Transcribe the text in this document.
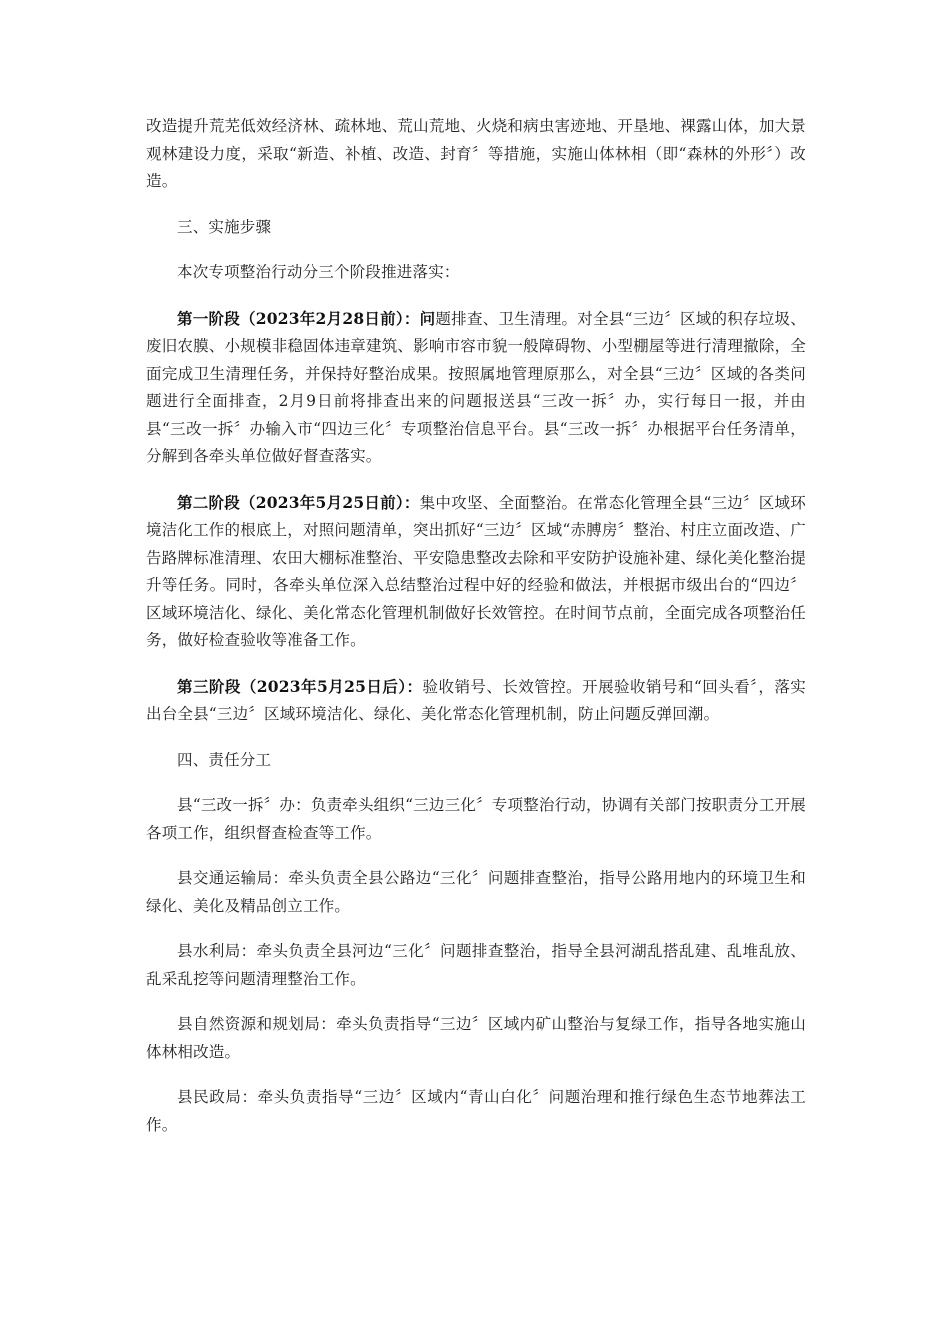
改造提升荒芜低效经济林、疏林地、荒山荒地、火烧和病虫害迹地、开垦地、裸露山体，加大景观林建设力度，采取“新造、补植、改造、封育〞等措施，实施山体林相（即“森林的外形〞）改造。

三、实施步骤

本次专项整治行动分三个阶段推进落实：

第一阶段（2023年2月28日前）：问题排查、卫生清理。对全县“三边〞区域的积存垃圾、废旧农膜、小规模非稳固体违章建筑、影响市容市貌一般障碍物、小型棚屋等进行清理撤除，全面完成卫生清理任务，并保持好整治成果。按照属地管理原那么，对全县“三边〞区域的各类问题进行全面排查，2月9日前将排查出来的问题报送县“三改一拆〞办，实行每日一报，并由县“三改一拆〞办输入市“四边三化〞专项整治信息平台。县“三改一拆〞办根据平台任务清单，分解到各牵头单位做好督查落实。

第二阶段（2023年5月25日前）：集中攻坚、全面整治。在常态化管理全县“三边〞区域环境洁化工作的根底上，对照问题清单，突出抓好“三边〞区域“赤膊房〞整治、村庄立面改造、广告路牌标准清理、农田大棚标准整治、平安隐患整改去除和平安防护设施补建、绿化美化整治提升等任务。同时，各牵头单位深入总结整治过程中好的经验和做法，并根据市级出台的“四边〞区域环境洁化、绿化、美化常态化管理机制做好长效管控。在时间节点前，全面完成各项整治任务，做好检查验收等准备工作。

第三阶段（2023年5月25日后）：验收销号、长效管控。开展验收销号和“回头看〞，落实出台全县“三边〞区域环境洁化、绿化、美化常态化管理机制，防止问题反弹回潮。

四、责任分工

县“三改一拆〞办：负责牵头组织“三边三化〞专项整治行动，协调有关部门按职责分工开展各项工作，组织督查检查等工作。

县交通运输局：牵头负责全县公路边“三化〞问题排查整治，指导公路用地内的环境卫生和绿化、美化及精品创立工作。

县水利局：牵头负责全县河边“三化〞问题排查整治，指导全县河湖乱搭乱建、乱堆乱放、乱采乱挖等问题清理整治工作。

县自然资源和规划局：牵头负责指导“三边〞区域内矿山整治与复绿工作，指导各地实施山体林相改造。

县民政局：牵头负责指导“三边〞区域内“青山白化〞问题治理和推行绿色生态节地葬法工作。
